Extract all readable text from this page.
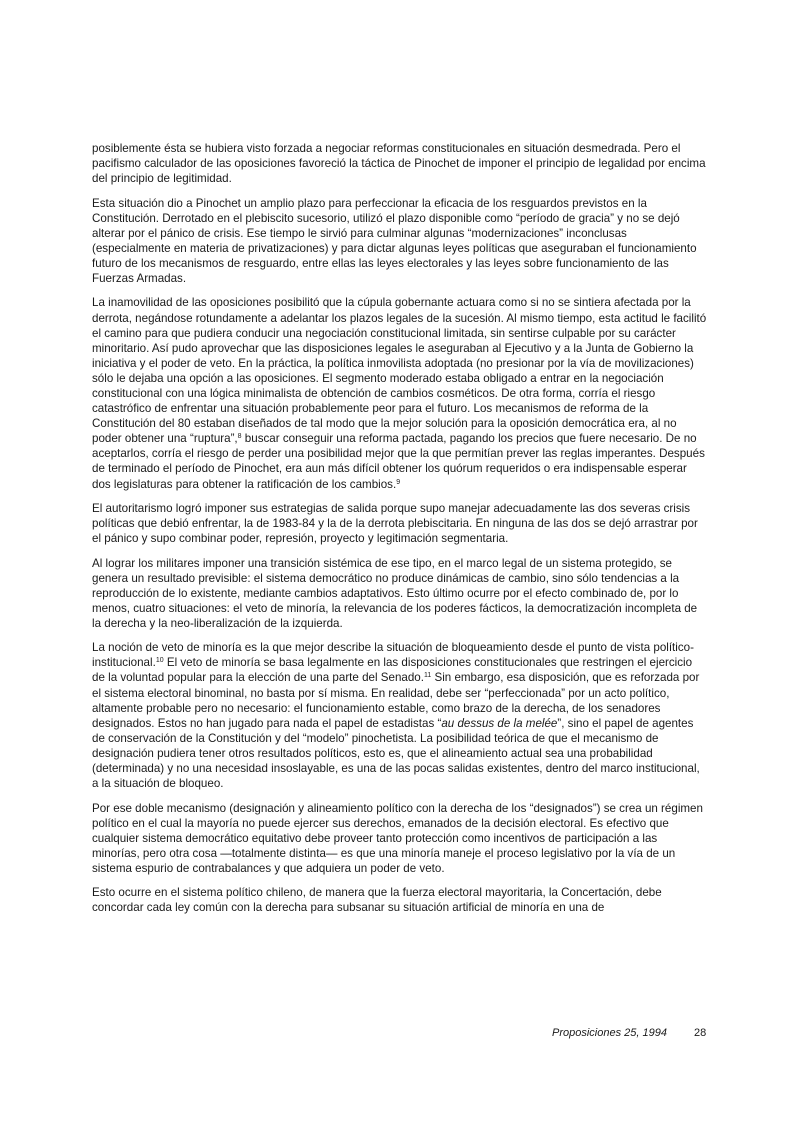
posiblemente ésta se hubiera visto forzada a negociar reformas constitucionales en situación desmedrada. Pero el pacifismo calculador de las oposiciones favoreció la táctica de Pinochet de imponer el principio de legalidad por encima del principio de legitimidad.

Esta situación dio a Pinochet un amplio plazo para perfeccionar la eficacia de los resguardos previstos en la Constitución. Derrotado en el plebiscito sucesorio, utilizó el plazo disponible como “período de gracia” y no se dejó alterar por el pánico de crisis. Ese tiempo le sirvió para culminar algunas “modernizaciones” inconclusas (especialmente en materia de privatizaciones) y para dictar algunas leyes políticas que aseguraban el funcionamiento futuro de los mecanismos de resguardo, entre ellas las leyes electorales y las leyes sobre funcionamiento de las Fuerzas Armadas.

La inamovilidad de las oposiciones posibilitó que la cúpula gobernante actuara como si no se sintiera afectada por la derrota, negándose rotundamente a adelantar los plazos legales de la sucesión. Al mismo tiempo, esta actitud le facilitó el camino para que pudiera conducir una negociación constitucional limitada, sin sentirse culpable por su carácter minoritario. Así pudo aprovechar que las disposiciones legales le aseguraban al Ejecutivo y a la Junta de Gobierno la iniciativa y el poder de veto. En la práctica, la política inmovilista adoptada (no presionar por la vía de movilizaciones) sólo le dejaba una opción a las oposiciones. El segmento moderado estaba obligado a entrar en la negociación constitucional con una lógica minimalista de obtención de cambios cosméticos. De otra forma, corría el riesgo catastrófico de enfrentar una situación probablemente peor para el futuro. Los mecanismos de reforma de la Constitución del 80 estaban diseñados de tal modo que la mejor solución para la oposición democrática era, al no poder obtener una “ruptura”,$^8$ buscar conseguir una reforma pactada, pagando los precios que fuere necesario. De no aceptarlos, corría el riesgo de perder una posibilidad mejor que la que permitían prever las reglas imperantes. Después de terminado el período de Pinochet, era aun más difícil obtener los quórum requeridos o era indispensable esperar dos legislaturas para obtener la ratificación de los cambios.$^9$

El autoritarismo logró imponer sus estrategias de salida porque supo manejar adecuadamente las dos severas crisis políticas que debió enfrentar, la de 1983-84 y la de la derrota plebiscitaria. En ninguna de las dos se dejó arrastrar por el pánico y supo combinar poder, represión, proyecto y legitimación segmentaria.

Al lograr los militares imponer una transición sistémica de ese tipo, en el marco legal de un sistema protegido, se genera un resultado previsible: el sistema democrático no produce dinámicas de cambio, sino sólo tendencias a la reproducción de lo existente, mediante cambios adaptativos. Esto último ocurre por el efecto combinado de, por lo menos, cuatro situaciones: el veto de minoría, la relevancia de los poderes fácticos, la democratización incompleta de la derecha y la neo-liberalización de la izquierda.

La noción de veto de minoría es la que mejor describe la situación de bloqueamiento desde el punto de vista político-institucional.$^{10}$ El veto de minoría se basa legalmente en las disposiciones constitucionales que restringen el ejercicio de la voluntad popular para la elección de una parte del Senado.$^{11}$ Sin embargo, esa disposición, que es reforzada por el sistema electoral binominal, no basta por sí misma. En realidad, debe ser “perfeccionada” por un acto político, altamente probable pero no necesario: el funcionamiento estable, como brazo de la derecha, de los senadores designados. Estos no han jugado para nada el papel de estadistas “au dessus de la melée”, sino el papel de agentes de conservación de la Constitución y del “modelo” pinochetista. La posibilidad teórica de que el mecanismo de designación pudiera tener otros resultados políticos, esto es, que el alineamiento actual sea una probabilidad (determinada) y no una necesidad insoslayable, es una de las pocas salidas existentes, dentro del marco institucional, a la situación de bloqueo.

Por ese doble mecanismo (designación y alineamiento político con la derecha de los “designados”) se crea un régimen político en el cual la mayoría no puede ejercer sus derechos, emanados de la decisión electoral. Es efectivo que cualquier sistema democrático equitativo debe proveer tanto protección como incentivos de participación a las minorías, pero otra cosa —totalmente distinta— es que una minoría maneje el proceso legislativo por la vía de un sistema espurio de contrabalances y que adquiera un poder de veto.

Esto ocurre en el sistema político chileno, de manera que la fuerza electoral mayoritaria, la Concertación, debe concordar cada ley común con la derecha para subsanar su situación artificial de minoría en una de

Proposiciones 25, 1994 28
